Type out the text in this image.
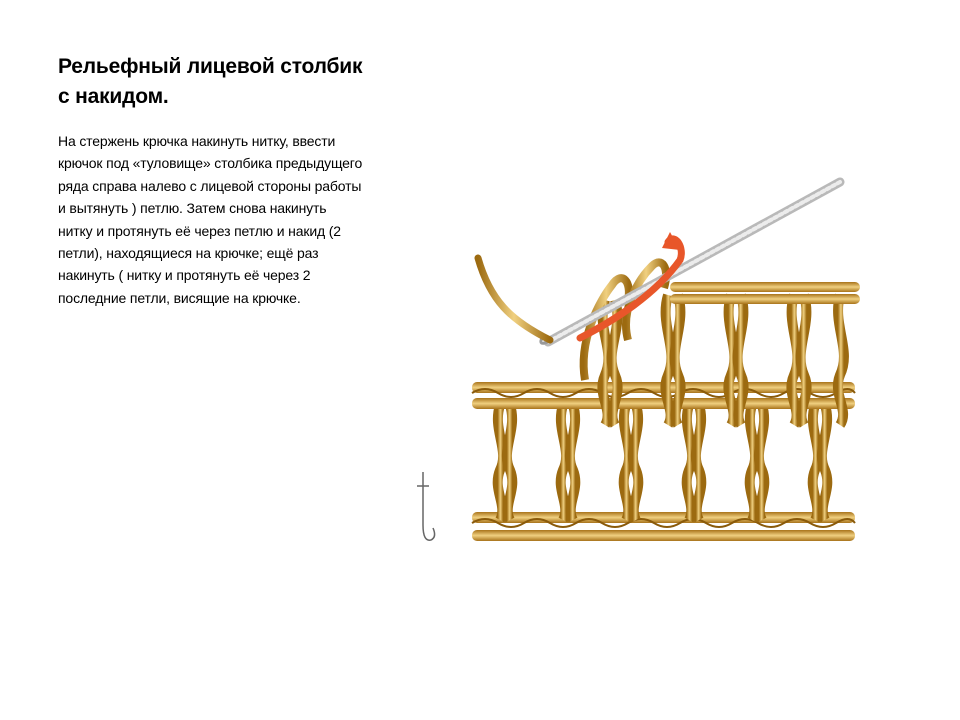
Рельефный лицевой столбик с накидом.
На стержень крючка накинуть нитку, ввести крючок под «туловище» столбика предыдущего ряда справа налево с лицевой стороны работы и вытянуть ) петлю. Затем снова накинуть нитку и протянуть её через петлю и накид (2 петли), находящиеся на крючке; ещё раз накинуть ( нитку и протянуть её через 2 последние петли, висящие на крючке.
